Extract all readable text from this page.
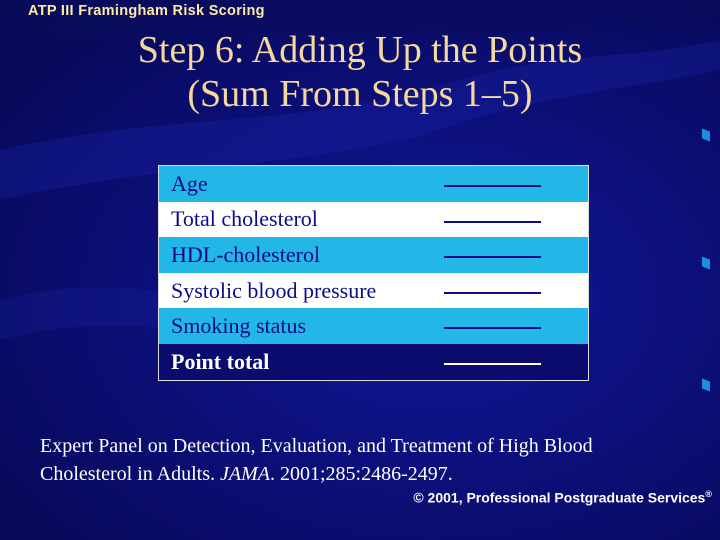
ATP III Framingham Risk Scoring
Step 6: Adding Up the Points
(Sum From Steps 1–5)
Age
Total cholesterol
HDL-cholesterol
Systolic blood pressure
Smoking status
Point total
Expert Panel on Detection, Evaluation, and Treatment of High Blood
Cholesterol in Adults. JAMA. 2001;285:2486-2497.
© 2001, Professional Postgraduate Services®
